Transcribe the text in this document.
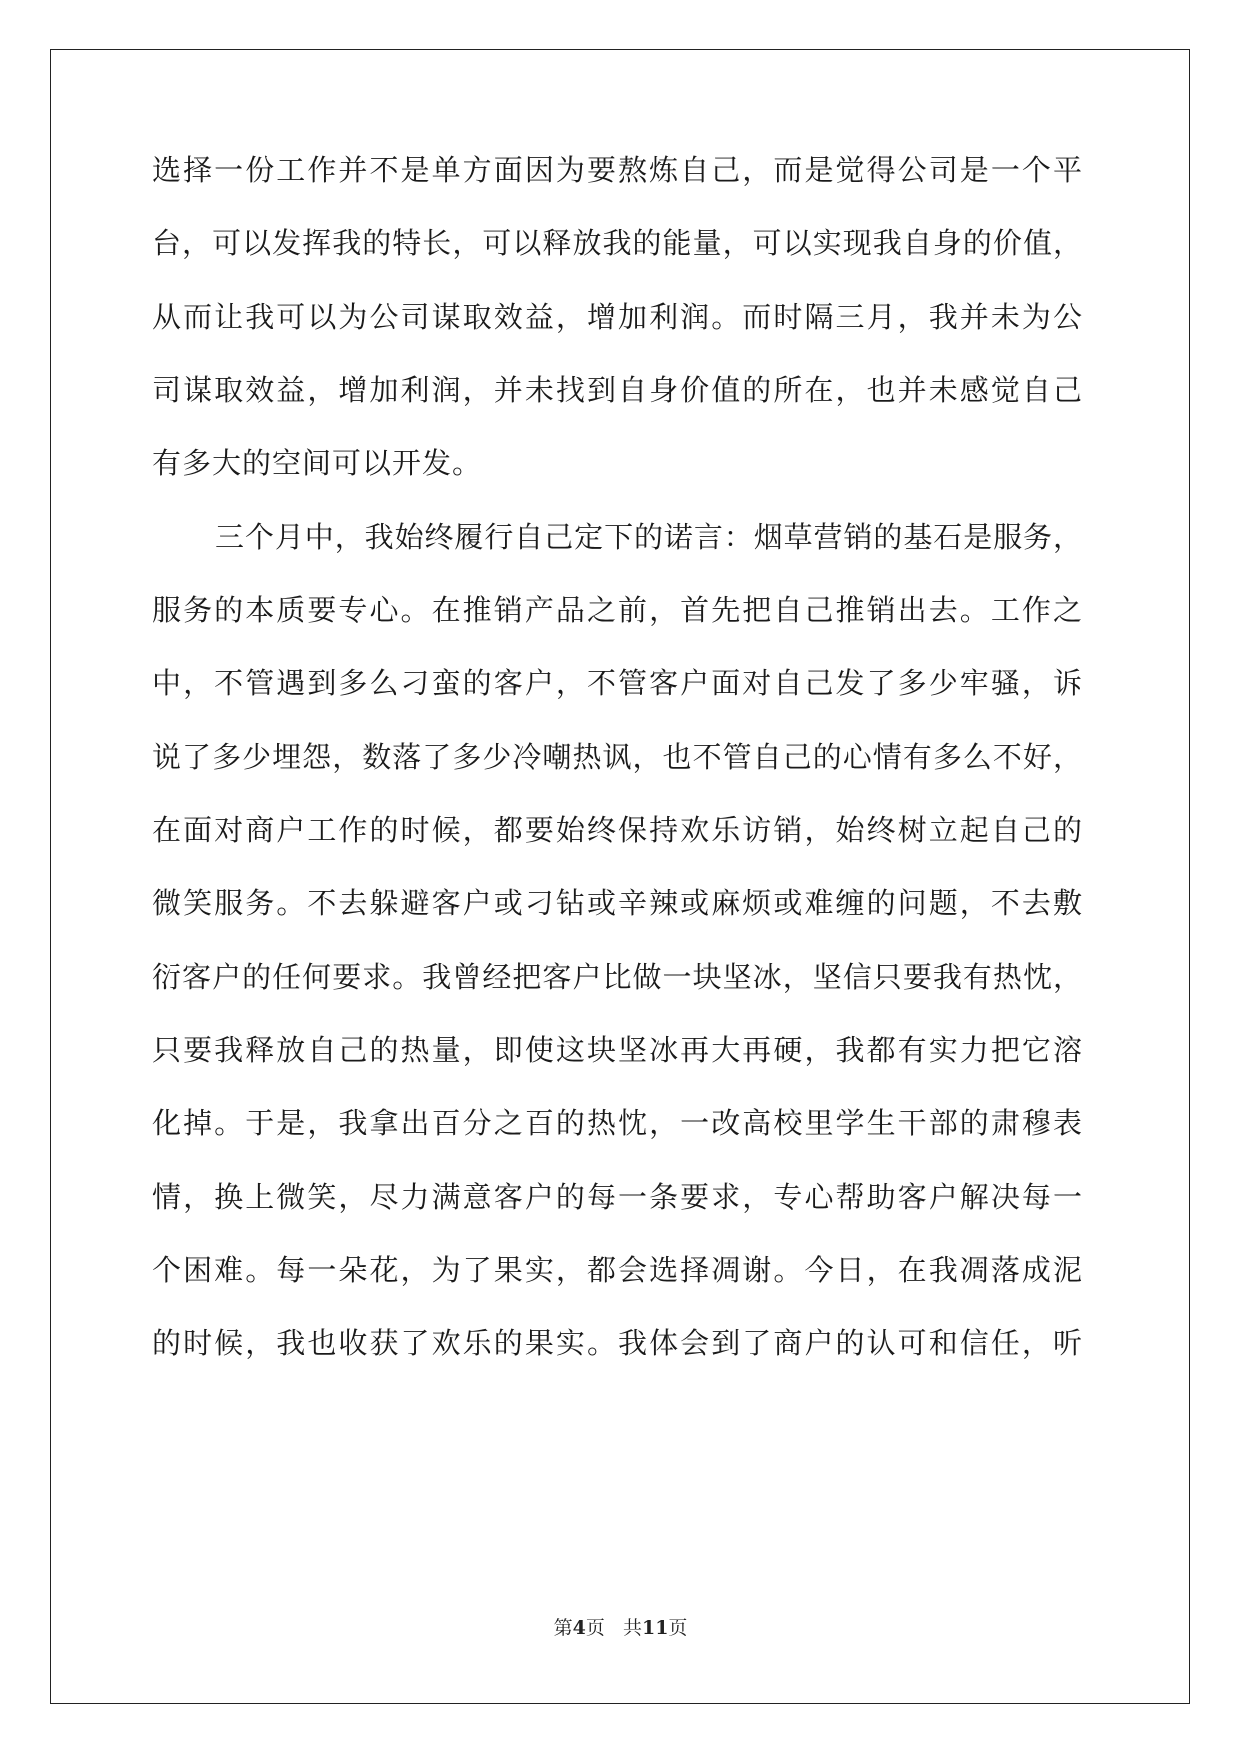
选择一份工作并不是单方面因为要熬炼自己，而是觉得公司是一个平
台，可以发挥我的特长，可以释放我的能量，可以实现我自身的价值，
从而让我可以为公司谋取效益，增加利润。而时隔三月，我并未为公
司谋取效益，增加利润，并未找到自身价值的所在，也并未感觉自己
有多大的空间可以开发。
三个月中，我始终履行自己定下的诺言：烟草营销的基石是服务，
服务的本质要专心。在推销产品之前，首先把自己推销出去。工作之
中，不管遇到多么刁蛮的客户，不管客户面对自己发了多少牢骚，诉
说了多少埋怨，数落了多少冷嘲热讽，也不管自己的心情有多么不好，
在面对商户工作的时候，都要始终保持欢乐访销，始终树立起自己的
微笑服务。不去躲避客户或刁钻或辛辣或麻烦或难缠的问题，不去敷
衍客户的任何要求。我曾经把客户比做一块坚冰，坚信只要我有热忱，
只要我释放自己的热量，即使这块坚冰再大再硬，我都有实力把它溶
化掉。于是，我拿出百分之百的热忱，一改高校里学生干部的肃穆表
情，换上微笑，尽力满意客户的每一条要求，专心帮助客户解决每一
个困难。每一朵花，为了果实，都会选择凋谢。今日，在我凋落成泥
的时候，我也收获了欢乐的果实。我体会到了商户的认可和信任，听
第4页 共11页
